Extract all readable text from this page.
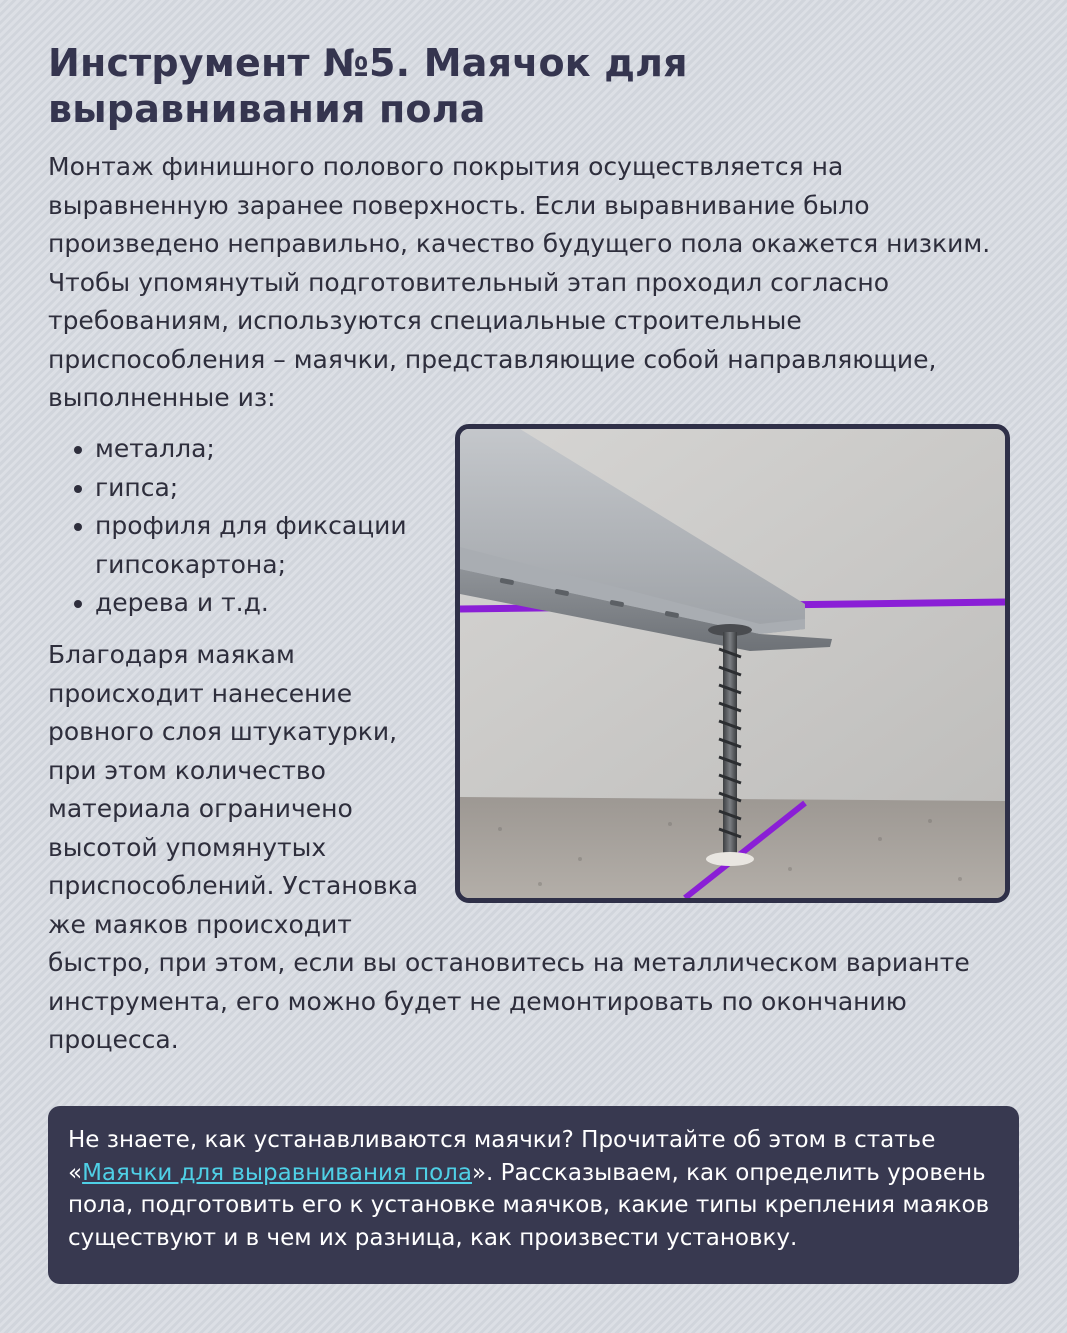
Инструмент №5. Маячок для выравнивания пола

Монтаж финишного полового покрытия осуществляется на выравненную заранее поверхность. Если выравнивание было произведено неправильно, качество будущего пола окажется низким. Чтобы упомянутый подготовительный этап проходил согласно требованиям, используются специальные строительные приспособления – маячки, представляющие собой направляющие, выполненные из:

металла;
гипса;
профиля для фиксации гипсокартона;
дерева и т.д.

Благодаря маякам происходит нанесение ровного слоя штукатурки, при этом количество материала ограничено высотой упомянутых приспособлений. Установка же маяков происходит быстро, при этом, если вы остановитесь на металлическом варианте инструмента, его можно будет не демонтировать по окончанию процесса.

Не знаете, как устанавливаются маячки? Прочитайте об этом в статье «Маячки для выравнивания пола». Рассказываем, как определить уровень пола, подготовить его к установке маячков, какие типы крепления маяков существуют и в чем их разница, как произвести установку.
